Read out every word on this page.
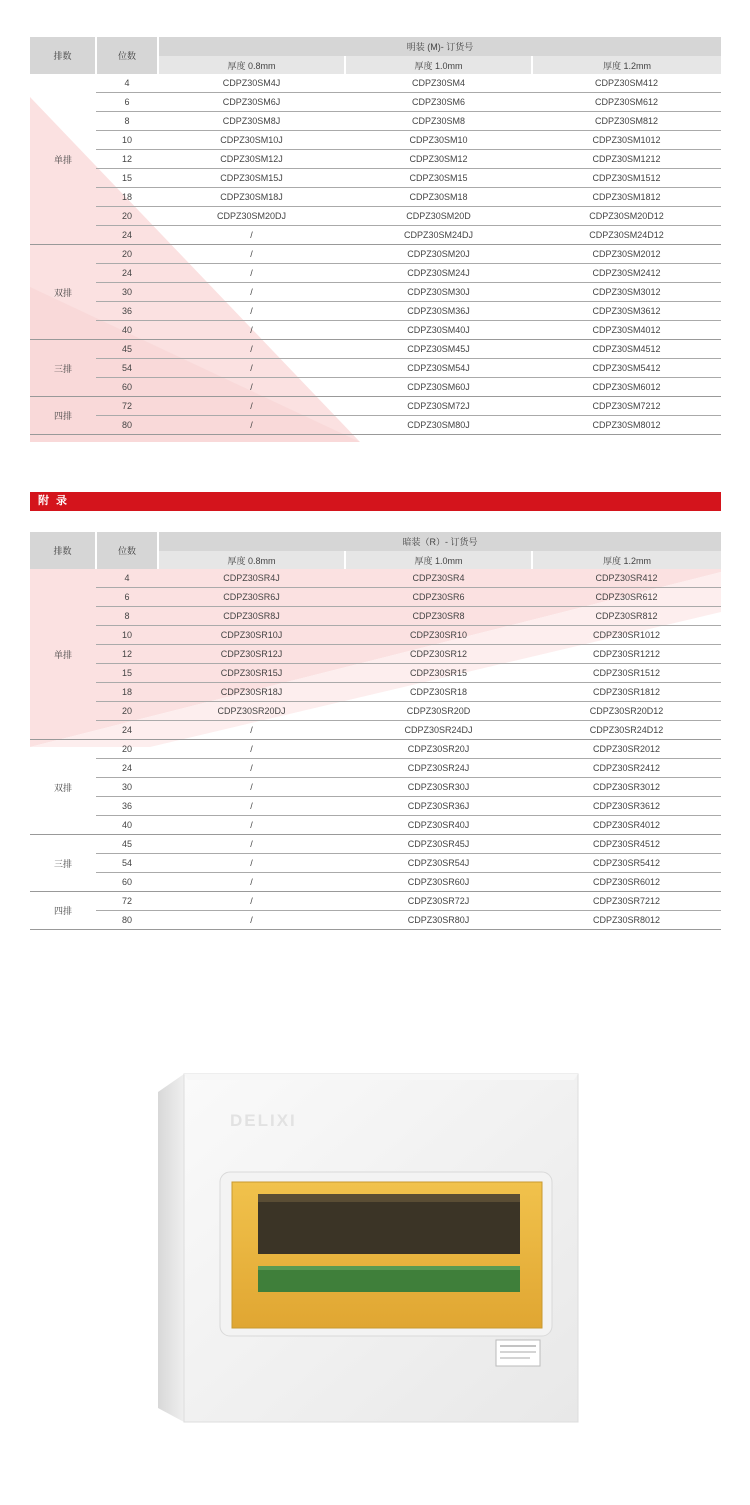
排数	位数	明装 (M)- 订货号		
		厚度 0.8mm	厚度 1.0mm	厚度 1.2mm
单排	4	CDPZ30SM4J	CDPZ30SM4	CDPZ30SM412
	6	CDPZ30SM6J	CDPZ30SM6	CDPZ30SM612
	8	CDPZ30SM8J	CDPZ30SM8	CDPZ30SM812
	10	CDPZ30SM10J	CDPZ30SM10	CDPZ30SM1012
	12	CDPZ30SM12J	CDPZ30SM12	CDPZ30SM1212
	15	CDPZ30SM15J	CDPZ30SM15	CDPZ30SM1512
	18	CDPZ30SM18J	CDPZ30SM18	CDPZ30SM1812
	20	CDPZ30SM20DJ	CDPZ30SM20D	CDPZ30SM20D12
	24	/	CDPZ30SM24DJ	CDPZ30SM24D12
双排	20	/	CDPZ30SM20J	CDPZ30SM2012
	24	/	CDPZ30SM24J	CDPZ30SM2412
	30	/	CDPZ30SM30J	CDPZ30SM3012
	36	/	CDPZ30SM36J	CDPZ30SM3612
	40	/	CDPZ30SM40J	CDPZ30SM4012
三排	45	/	CDPZ30SM45J	CDPZ30SM4512
	54	/	CDPZ30SM54J	CDPZ30SM5412
	60	/	CDPZ30SM60J	CDPZ30SM6012
四排	72	/	CDPZ30SM72J	CDPZ30SM7212
	80	/	CDPZ30SM80J	CDPZ30SM8012
附 录
排数	位数	暗装（R）- 订货号		
		厚度 0.8mm	厚度 1.0mm	厚度 1.2mm
单排	4	CDPZ30SR4J	CDPZ30SR4	CDPZ30SR412
	6	CDPZ30SR6J	CDPZ30SR6	CDPZ30SR612
	8	CDPZ30SR8J	CDPZ30SR8	CDPZ30SR812
	10	CDPZ30SR10J	CDPZ30SR10	CDPZ30SR1012
	12	CDPZ30SR12J	CDPZ30SR12	CDPZ30SR1212
	15	CDPZ30SR15J	CDPZ30SR15	CDPZ30SR1512
	18	CDPZ30SR18J	CDPZ30SR18	CDPZ30SR1812
	20	CDPZ30SR20DJ	CDPZ30SR20D	CDPZ30SR20D12
	24	/	CDPZ30SR24DJ	CDPZ30SR24D12
双排	20	/	CDPZ30SR20J	CDPZ30SR2012
	24	/	CDPZ30SR24J	CDPZ30SR2412
	30	/	CDPZ30SR30J	CDPZ30SR3012
	36	/	CDPZ30SR36J	CDPZ30SR3612
	40	/	CDPZ30SR40J	CDPZ30SR4012
三排	45	/	CDPZ30SR45J	CDPZ30SR4512
	54	/	CDPZ30SR54J	CDPZ30SR5412
	60	/	CDPZ30SR60J	CDPZ30SR6012
四排	72	/	CDPZ30SR72J	CDPZ30SR7212
	80	/	CDPZ30SR80J	CDPZ30SR8012
DELIXI
